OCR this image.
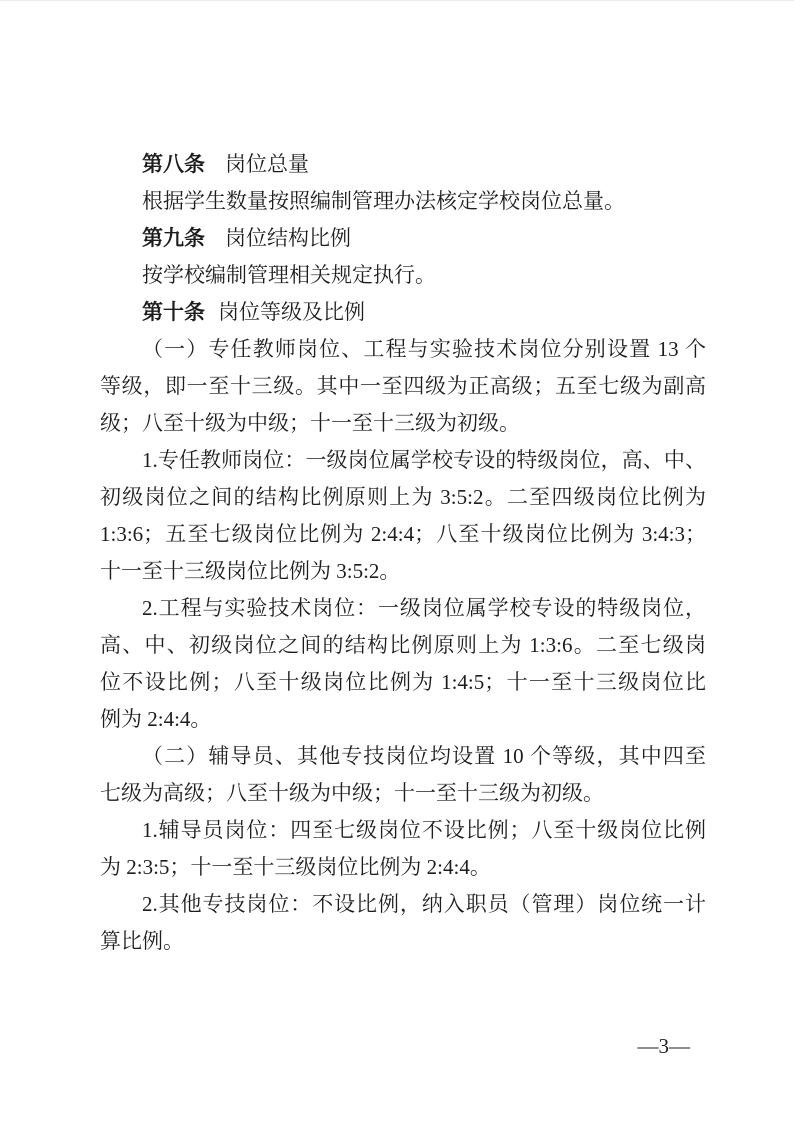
第八条 岗位总量
根据学生数量按照编制管理办法核定学校岗位总量。
第九条 岗位结构比例
按学校编制管理相关规定执行。
第十条 岗位等级及比例
（一）专任教师岗位、工程与实验技术岗位分别设置 13 个
等级，即一至十三级。其中一至四级为正高级；五至七级为副高
级；八至十级为中级；十一至十三级为初级。
1.专任教师岗位：一级岗位属学校专设的特级岗位，高、中、
初级岗位之间的结构比例原则上为 3:5:2。二至四级岗位比例为
1:3:6；五至七级岗位比例为 2:4:4；八至十级岗位比例为 3:4:3；
十一至十三级岗位比例为 3:5:2。
2.工程与实验技术岗位：一级岗位属学校专设的特级岗位，
高、中、初级岗位之间的结构比例原则上为 1:3:6。二至七级岗
位不设比例；八至十级岗位比例为 1:4:5；十一至十三级岗位比
例为 2:4:4。
（二）辅导员、其他专技岗位均设置 10 个等级，其中四至
七级为高级；八至十级为中级；十一至十三级为初级。
1.辅导员岗位：四至七级岗位不设比例；八至十级岗位比例
为 2:3:5；十一至十三级岗位比例为 2:4:4。
2.其他专技岗位：不设比例，纳入职员（管理）岗位统一计
算比例。
—3—
